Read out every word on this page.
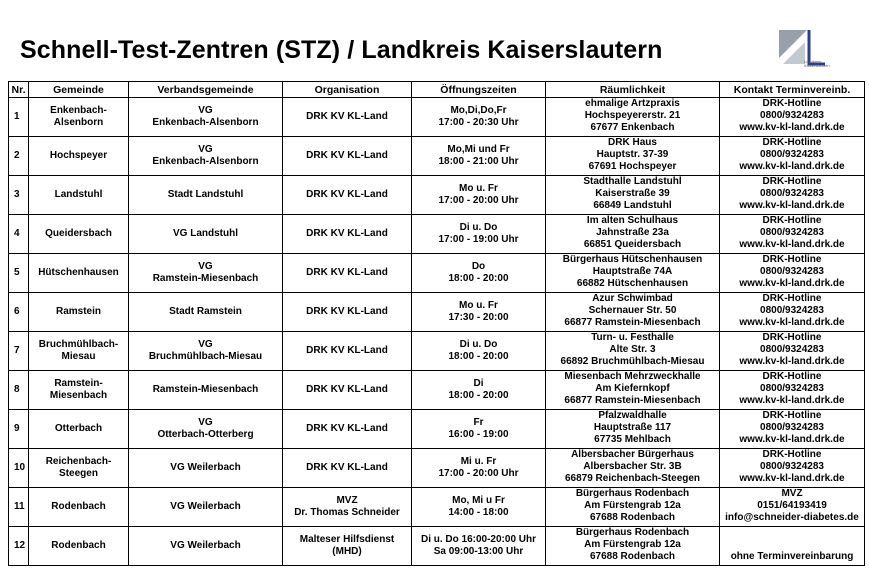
Schnell-Test-Zentren (STZ) / Landkreis Kaiserslautern	Landkreis
Kaiserslautern
Nr.	Gemeinde	Verbandsgemeinde	Organisation	Öffnungszeiten	Räumlichkeit	Kontakt Terminvereinb.
1	Enkenbach-
Alsenborn	VG
Enkenbach-Alsenborn	DRK KV KL-Land	Mo,Di,Do,Fr
17:00 - 20:30 Uhr	ehmalige Artzpraxis
Hochspeyererstr. 21
67677 Enkenbach	DRK-Hotline
0800/9324283
www.kv-kl-land.drk.de

2	Hochspeyer	VG
Enkenbach-Alsenborn	DRK KV KL-Land	Mo,Mi und Fr
18:00 - 21:00 Uhr	DRK Haus
Hauptstr. 37-39
67691 Hochspeyer	DRK-Hotline
0800/9324283
www.kv-kl-land.drk.de

3	Landstuhl	Stadt Landstuhl	DRK KV KL-Land	Mo u. Fr
17:00 - 20:00 Uhr	Stadthalle Landstuhl
Kaiserstraße 39
66849 Landstuhl	DRK-Hotline
0800/9324283
www.kv-kl-land.drk.de

4	Queidersbach	VG Landstuhl	DRK KV KL-Land	Di u. Do
17:00 - 19:00 Uhr	Im alten Schulhaus
Jahnstraße 23a
66851 Queidersbach	DRK-Hotline
0800/9324283
www.kv-kl-land.drk.de

5	Hütschenhausen	VG
Ramstein-Miesenbach	DRK KV KL-Land	Do
18:00 - 20:00	Bürgerhaus Hütschenhausen
Hauptstraße 74A
66882 Hütschenhausen	DRK-Hotline
0800/9324283
www.kv-kl-land.drk.de

6	Ramstein	Stadt Ramstein	DRK KV KL-Land	Mo u. Fr
17:30 - 20:00	Azur Schwimbad
Schernauer Str. 50
66877 Ramstein-Miesenbach	DRK-Hotline
0800/9324283
www.kv-kl-land.drk.de

7	Bruchmühlbach-
Miesau	VG
Bruchmühlbach-Miesau	DRK KV KL-Land	Di u. Do
18:00 - 20:00	Turn- u. Festhalle
Alte Str. 3
66892 Bruchmühlbach-Miesau	DRK-Hotline
0800/9324283
www.kv-kl-land.drk.de

8	Ramstein-
Miesenbach	Ramstein-Miesenbach	DRK KV KL-Land	Di
18:00 - 20:00	Miesenbach Mehrzweckhalle
Am Kiefernkopf
66877 Ramstein-Miesenbach	DRK-Hotline
0800/9324283
www.kv-kl-land.drk.de

9	Otterbach	VG
Otterbach-Otterberg	DRK KV KL-Land	Fr
16:00 - 19:00	Pfalzwaldhalle
Hauptstraße 117
67735 Mehlbach	DRK-Hotline
0800/9324283
www.kv-kl-land.drk.de

10	Reichenbach-
Steegen	VG Weilerbach	DRK KV KL-Land	Mi u. Fr
17:00 - 20:00 Uhr	Albersbacher Bürgerhaus
Albersbacher Str. 3B
66879 Reichenbach-Steegen	DRK-Hotline
0800/9324283
www.kv-kl-land.drk.de

11	Rodenbach	VG Weilerbach	MVZ
Dr. Thomas Schneider	Mo, Mi u Fr
14:00 - 18:00	Bürgerhaus Rodenbach
Am Fürstengrab 12a
67688 Rodenbach	MVZ
0151/64193419
info@schneider-diabetes.de

12	Rodenbach	VG Weilerbach	Malteser Hilfsdienst
(MHD)	Di u. Do 16:00-20:00 Uhr
Sa 09:00-13:00 Uhr	Bürgerhaus Rodenbach
Am Fürstengrab 12a
67688 Rodenbach	ohne Terminvereinbarung
